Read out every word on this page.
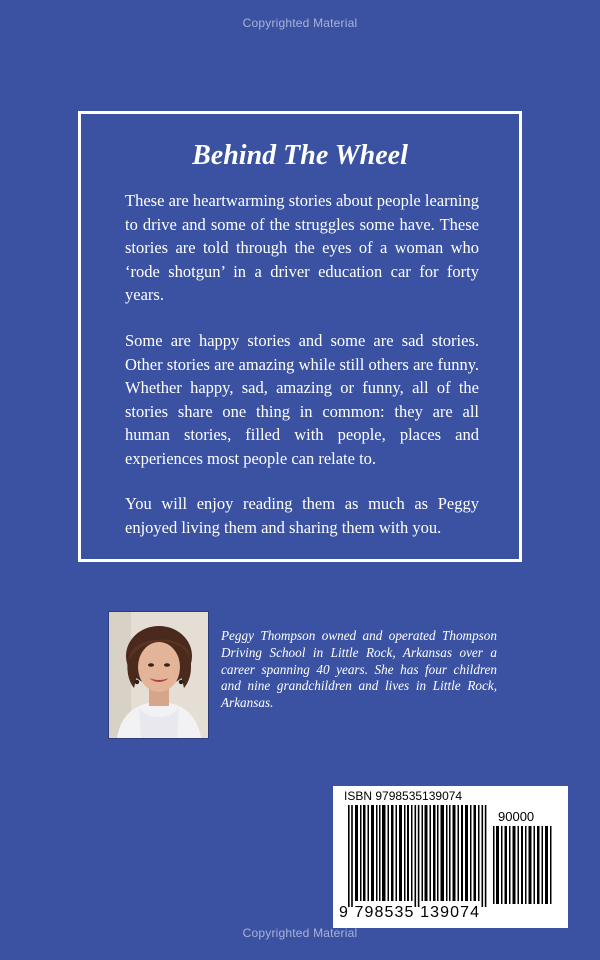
Copyrighted Material
Behind The Wheel

These are heartwarming stories about people learning to drive and some of the struggles some have. These stories are told through the eyes of a woman who ‘rode shotgun’ in a driver education car for forty years.

Some are happy stories and some are sad stories. Other stories are amazing while still others are funny. Whether happy, sad, amazing or funny, all of the stories share one thing in common: they are all human stories, filled with people, places and experiences most people can relate to.

You will enjoy reading them as much as Peggy enjoyed living them and sharing them with you.

Peggy Thompson owned and operated Thompson Driving School in Little Rock, Arkansas over a career spanning 40 years. She has four children and nine grandchildren and lives in Little Rock, Arkansas.

ISBN 9798535139074
90000
9 798535 139074
Copyrighted Material
